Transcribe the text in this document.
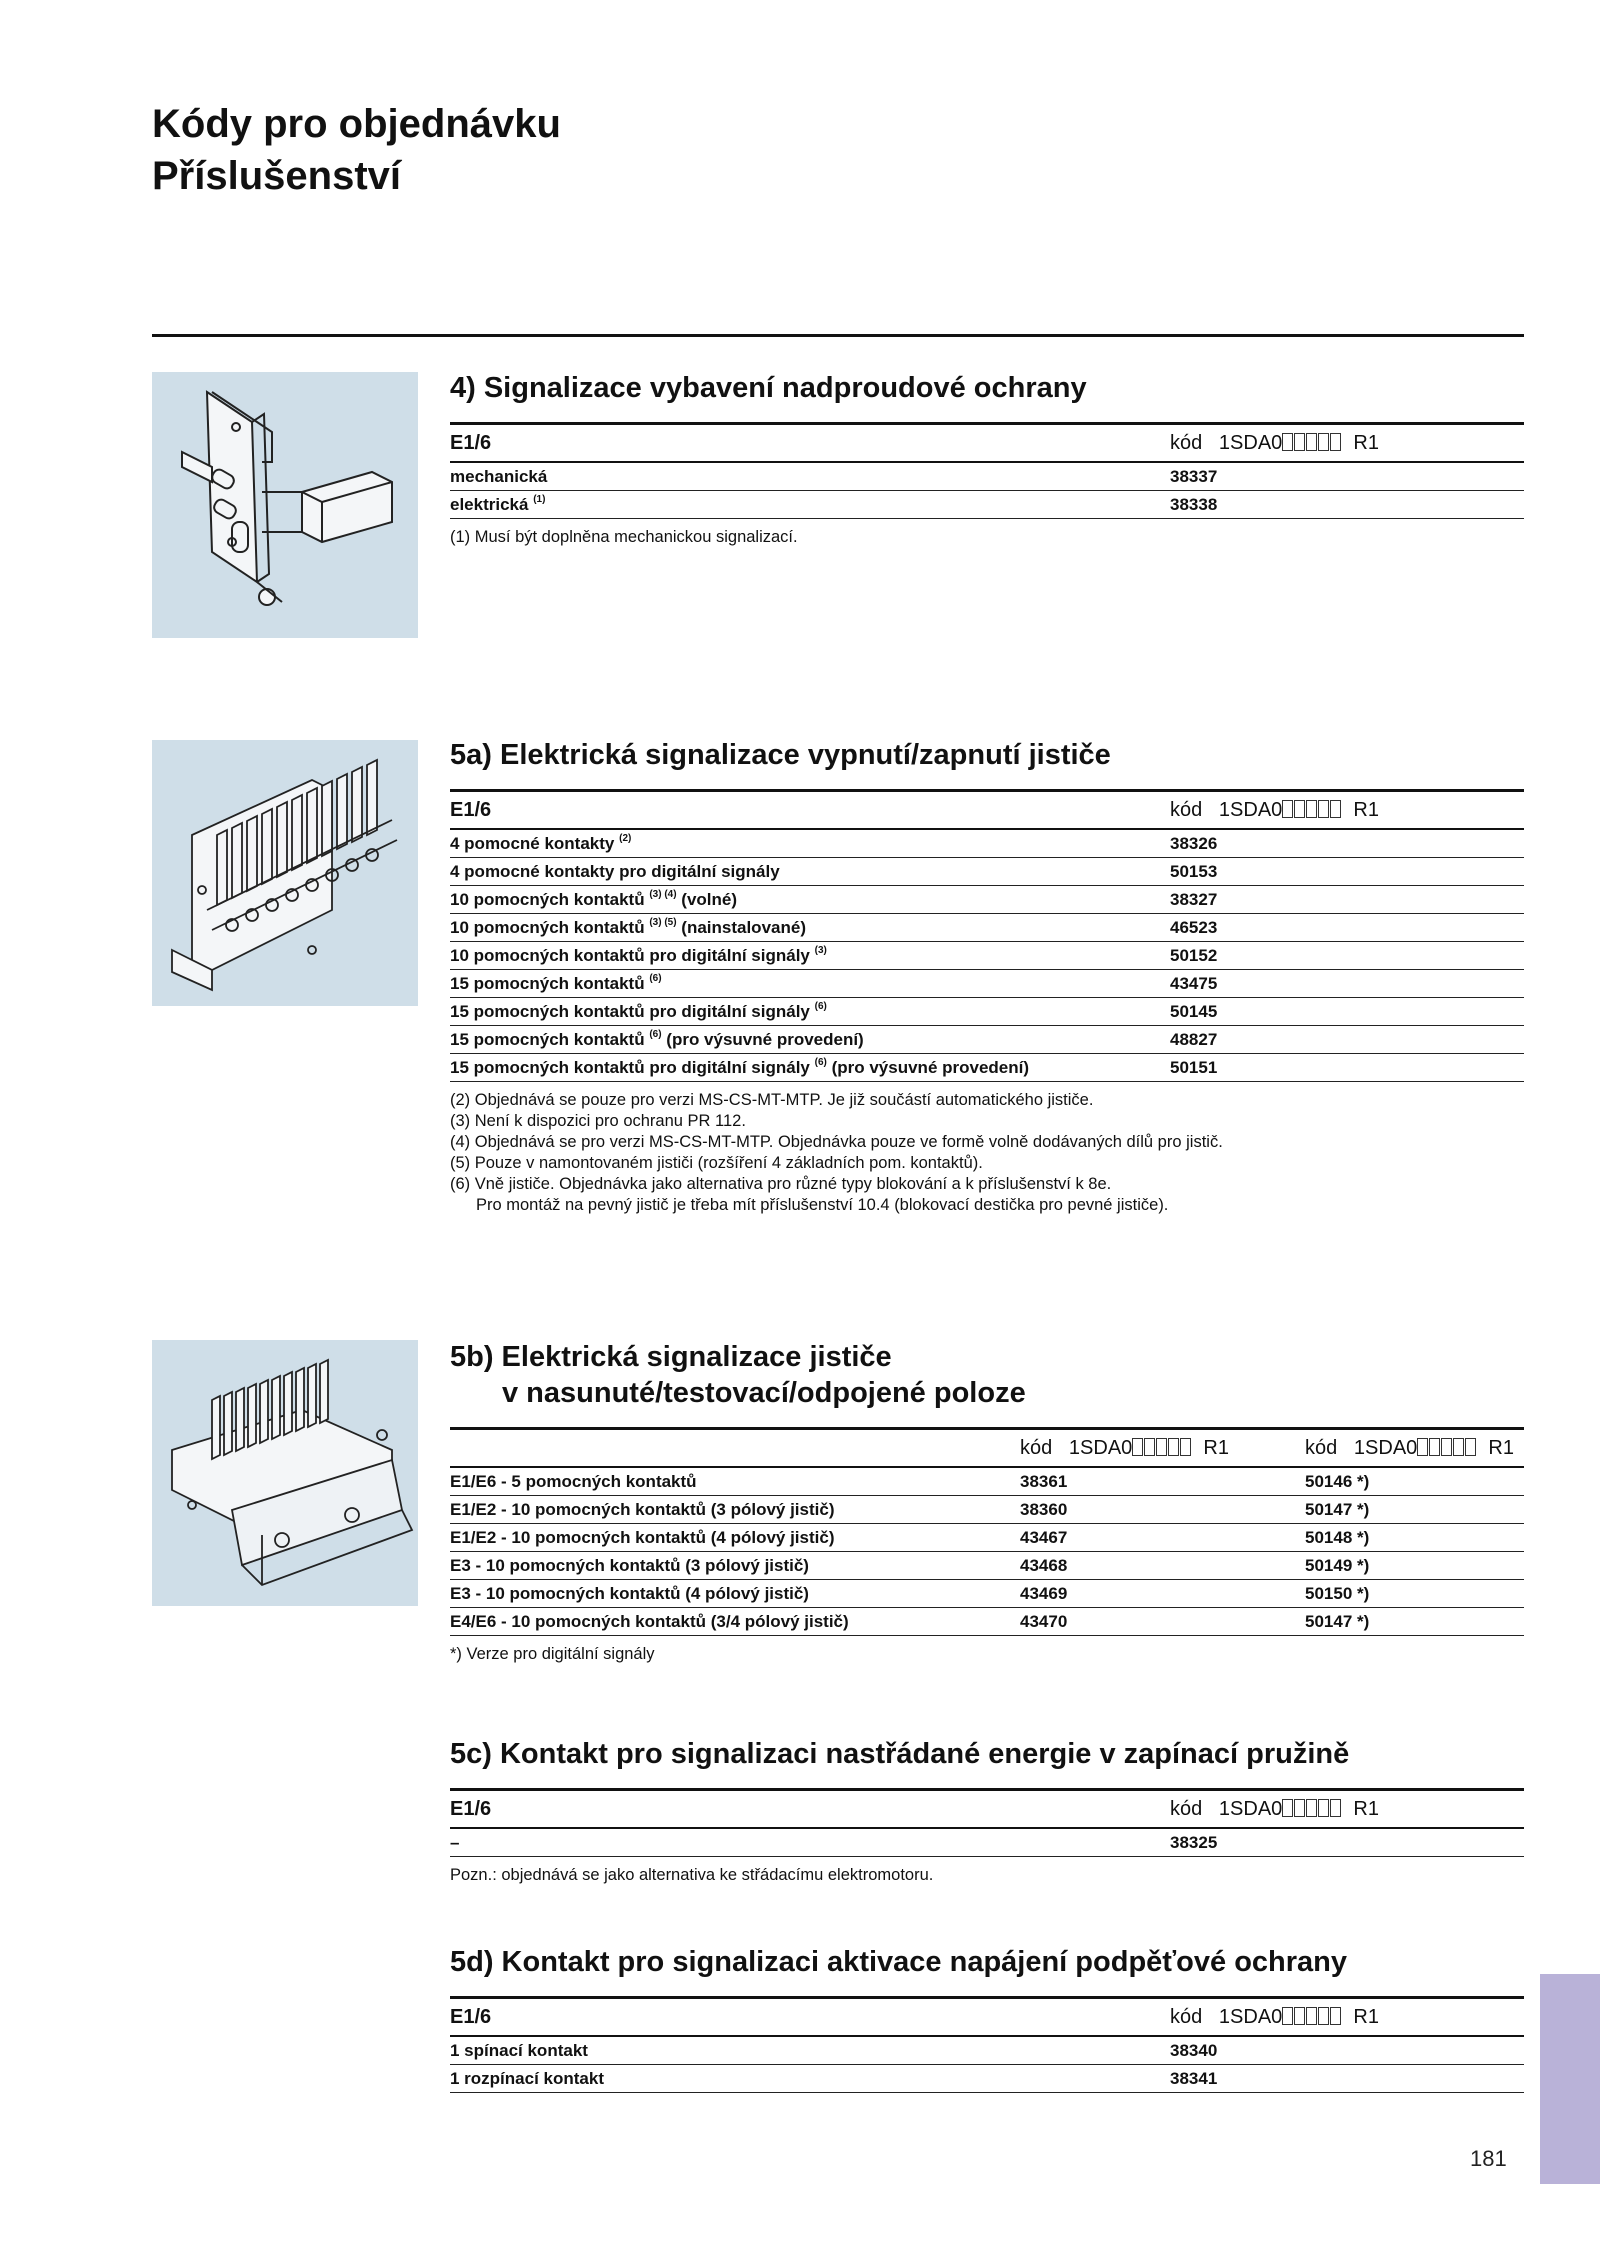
Kódy pro objednávku
Příslušenství
4) Signalizace vybavení nadproudové ochrany
E1/6	kód 1SDA0 R1
mechanická	38337
elektrická $^{(1)}$	38338
(1) Musí být doplněna mechanickou signalizací.
5a) Elektrická signalizace vypnutí/zapnutí jističe
E1/6	kód 1SDA0 R1
4 pomocné kontakty $^{(2)}$	38326
4 pomocné kontakty pro digitální signály	50153
10 pomocných kontaktů $^{(3) (4)}$ (volné)	38327
10 pomocných kontaktů $^{(3) (5)}$ (nainstalované)	46523
10 pomocných kontaktů pro digitální signály $^{(3)}$	50152
15 pomocných kontaktů $^{(6)}$	43475
15 pomocných kontaktů pro digitální signály $^{(6)}$	50145
15 pomocných kontaktů $^{(6)}$ (pro výsuvné provedení)	48827
15 pomocných kontaktů pro digitální signály $^{(6)}$ (pro výsuvné provedení)	50151
(2) Objednává se pouze pro verzi MS-CS-MT-MTP. Je již součástí automatického jističe.
(3) Není k dispozici pro ochranu PR 112.
(4) Objednává se pro verzi MS-CS-MT-MTP. Objednávka pouze ve formě volně dodávaných dílů pro jistič.
(5) Pouze v namontovaném jističi (rozšíření 4 základních pom. kontaktů).
(6) Vně jističe. Objednávka jako alternativa pro různé typy blokování a k příslušenství k 8e.
Pro montáž na pevný jistič je třeba mít příslušenství 10.4 (blokovací destička pro pevné jističe).
5b) Elektrická signalizace jističe
v nasunuté/testovací/odpojené poloze
	kód 1SDA0 R1	kód 1SDA0 R1
E1/E6 - 5 pomocných kontaktů	38361	50146 *)
E1/E2 - 10 pomocných kontaktů (3 pólový jistič)	38360	50147 *)
E1/E2 - 10 pomocných kontaktů (4 pólový jistič)	43467	50148 *)
E3 - 10 pomocných kontaktů (3 pólový jistič)	43468	50149 *)
E3 - 10 pomocných kontaktů (4 pólový jistič)	43469	50150 *)
E4/E6 - 10 pomocných kontaktů (3/4 pólový jistič)	43470	50147 *)
*) Verze pro digitální signály
5c) Kontakt pro signalizaci nastřádané energie v zapínací pružině
E1/6	kód 1SDA0 R1
–	38325
Pozn.: objednává se jako alternativa ke střádacímu elektromotoru.
5d) Kontakt pro signalizaci aktivace napájení podpěťové ochrany
E1/6	kód 1SDA0 R1
1 spínací kontakt	38340
1 rozpínací kontakt	38341
181
